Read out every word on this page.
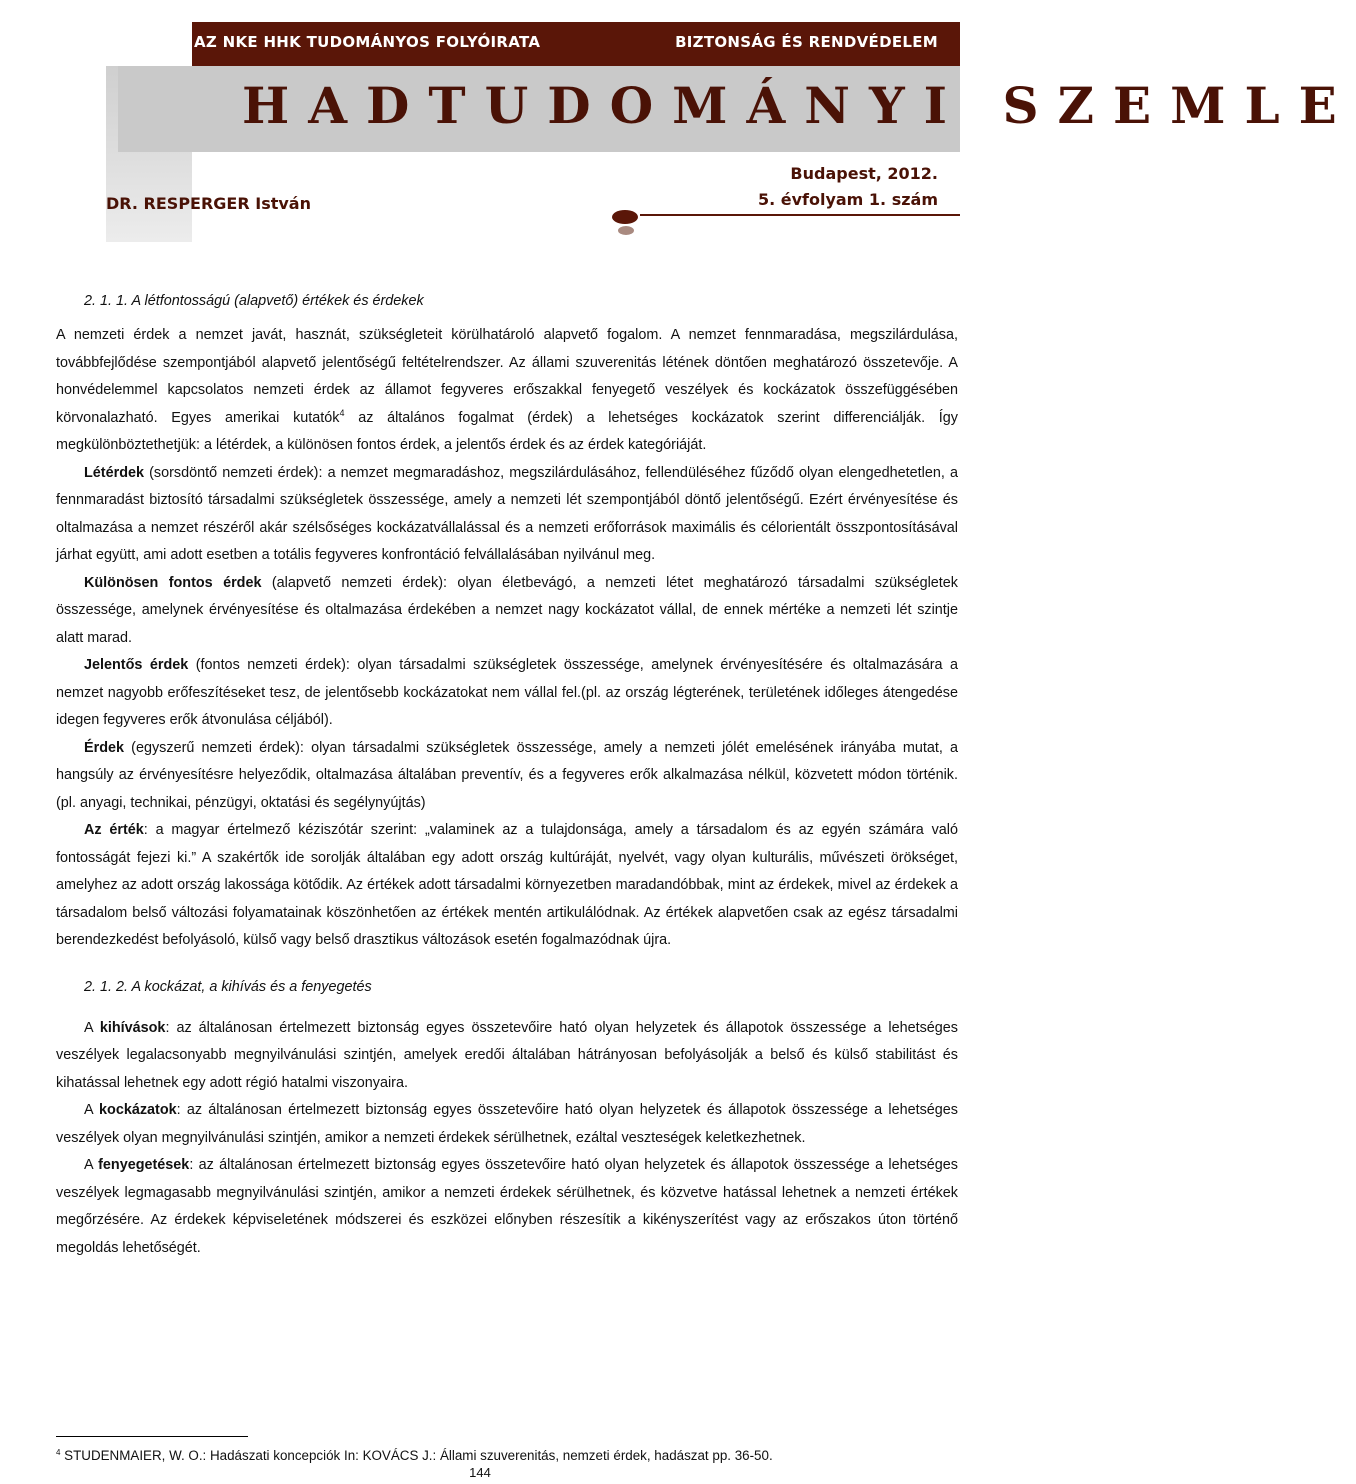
AZ NKE HHK TUDOMÁNYOS FOLYÓIRATA	BIZTONSÁG ÉS RENDVÉDELEM
HADTUDOMÁNYI SZEMLE
DR. RESPERGER István
Budapest, 2012.
5. évfolyam 1. szám
2. 1. 1. A létfontosságú (alapvető) értékek és érdekek

A nemzeti érdek a nemzet javát, hasznát, szükségleteit körülhatároló alapvető fogalom. A nemzet fennmaradása, megszilárdulása, továbbfejlődése szempontjából alapvető jelentőségű feltételrendszer. Az állami szuverenitás létének döntően meghatározó összetevője. A honvédelemmel kapcsolatos nemzeti érdek az államot fegyveres erőszakkal fenyegető veszélyek és kockázatok összefüggésében körvonalazható. Egyes amerikai kutatók$^4$ az általános fogalmat (érdek) a lehetséges kockázatok szerint differenciálják. Így megkülönböztethetjük: a létérdek, a különösen fontos érdek, a jelentős érdek és az érdek kategóriáját.

Létérdek (sorsdöntő nemzeti érdek): a nemzet megmaradáshoz, megszilárdulásához, fellendüléséhez fűződő olyan elengedhetetlen, a fennmaradást biztosító társadalmi szükségletek összessége, amely a nemzeti lét szempontjából döntő jelentőségű. Ezért érvényesítése és oltalmazása a nemzet részéről akár szélsőséges kockázatvállalással és a nemzeti erőforrások maximális és célorientált összpontosításával járhat együtt, ami adott esetben a totális fegyveres konfrontáció felvállalásában nyilvánul meg.

Különösen fontos érdek (alapvető nemzeti érdek): olyan életbevágó, a nemzeti létet meghatározó társadalmi szükségletek összessége, amelynek érvényesítése és oltalmazása érdekében a nemzet nagy kockázatot vállal, de ennek mértéke a nemzeti lét szintje alatt marad.

Jelentős érdek (fontos nemzeti érdek): olyan társadalmi szükségletek összessége, amelynek érvényesítésére és oltalmazására a nemzet nagyobb erőfeszítéseket tesz, de jelentősebb kockázatokat nem vállal fel.(pl. az ország légterének, területének időleges átengedése idegen fegyveres erők átvonulása céljából).

Érdek (egyszerű nemzeti érdek): olyan társadalmi szükségletek összessége, amely a nemzeti jólét emelésének irányába mutat, a hangsúly az érvényesítésre helyeződik, oltalmazása általában preventív, és a fegyveres erők alkalmazása nélkül, közvetett módon történik. (pl. anyagi, technikai, pénzügyi, oktatási és segélynyújtás)

Az érték: a magyar értelmező kéziszótár szerint: „valaminek az a tulajdonsága, amely a társadalom és az egyén számára való fontosságát fejezi ki.” A szakértők ide sorolják általában egy adott ország kultúráját, nyelvét, vagy olyan kulturális, művészeti örökséget, amelyhez az adott ország lakossága kötődik. Az értékek adott társadalmi környezetben maradandóbbak, mint az érdekek, mivel az érdekek a társadalom belső változási folyamatainak köszönhetően az értékek mentén artikulálódnak. Az értékek alapvetően csak az egész társadalmi berendezkedést befolyásoló, külső vagy belső drasztikus változások esetén fogalmazódnak újra.

2. 1. 2. A kockázat, a kihívás és a fenyegetés

A kihívások: az általánosan értelmezett biztonság egyes összetevőire ható olyan helyzetek és állapotok összessége a lehetséges veszélyek legalacsonyabb megnyilvánulási szintjén, amelyek eredői általában hátrányosan befolyásolják a belső és külső stabilitást és kihatással lehetnek egy adott régió hatalmi viszonyaira.

A kockázatok: az általánosan értelmezett biztonság egyes összetevőire ható olyan helyzetek és állapotok összessége a lehetséges veszélyek olyan megnyilvánulási szintjén, amikor a nemzeti érdekek sérülhetnek, ezáltal veszteségek keletkezhetnek.

A fenyegetések: az általánosan értelmezett biztonság egyes összetevőire ható olyan helyzetek és állapotok összessége a lehetséges veszélyek legmagasabb megnyilvánulási szintjén, amikor a nemzeti érdekek sérülhetnek, és közvetve hatással lehetnek a nemzeti értékek megőrzésére. Az érdekek képviseletének módszerei és eszközei előnyben részesítik a kikényszerítést vagy az erőszakos úton történő megoldás lehetőségét.

$^4$ STUDENMAIER, W. O.: Hadászati koncepciók In: KOVÁCS J.: Állami szuverenitás, nemzeti érdek, hadászat pp. 36-50.
144
